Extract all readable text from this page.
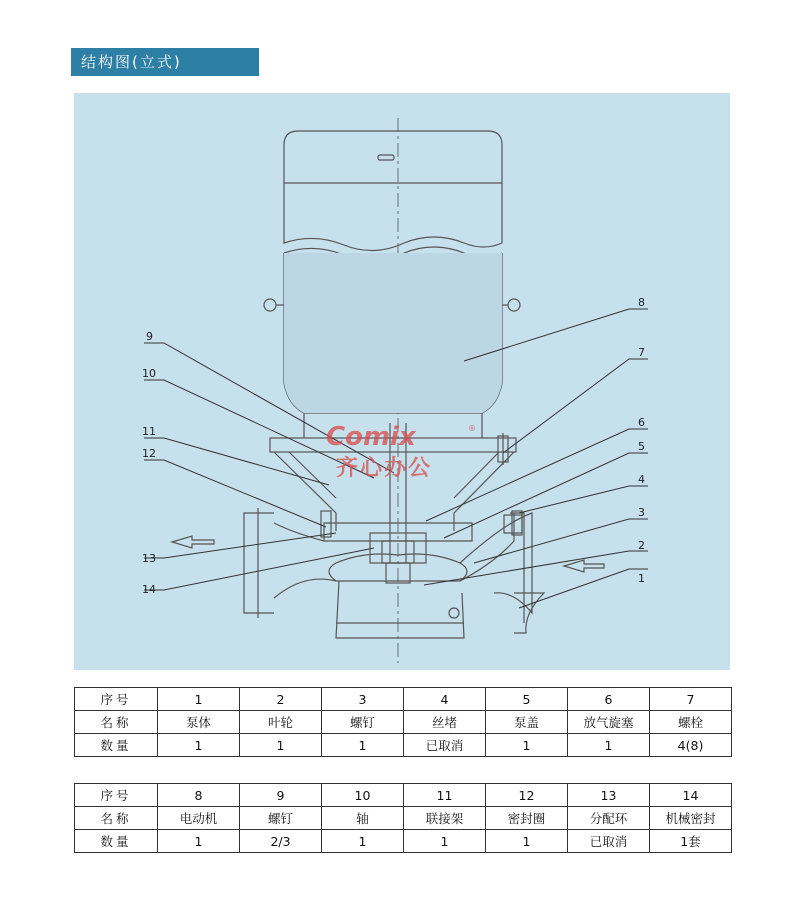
结构图(立式)
1
2
3
4
5
6
7
8
9
10
11
12
13
14
Comix	®
齐心办公
序号	1	2	3	4	5	6	7
名称	泵体	叶轮	螺钉	丝堵	泵盖	放气旋塞	螺栓
数量	1	1	1	已取消	1	1	4(8)
序号	8	9	10	11	12	13	14
名称	电动机	螺钉	轴	联接架	密封圈	分配环	机械密封
数量	1	2/3	1	1	1	已取消	1套
